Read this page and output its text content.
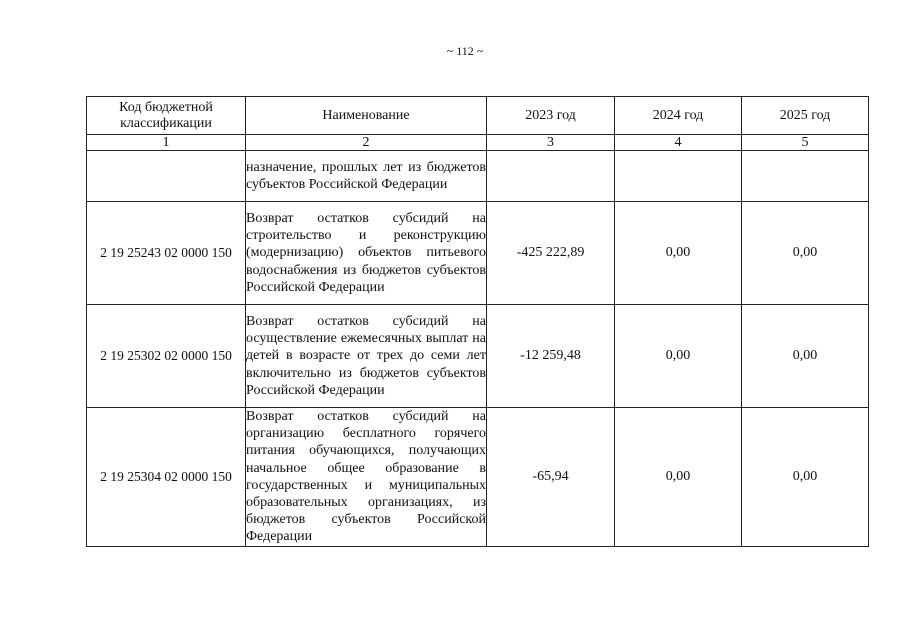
~ 112 ~
Код бюджетной классификации	Наименование	2023 год	2024 год	2025 год
1	2	3	4	5
	назначение, прошлых лет из бюджетов субъектов Российской Федерации			
2 19 25243 02 0000 150	Возврат остатков субсидий на строительство и реконструкцию (модернизацию) объектов питьевого водоснабжения из бюджетов субъектов Российской Федерации	-425 222,89	0,00	0,00
2 19 25302 02 0000 150	Возврат остатков субсидий на осуществление ежемесячных выплат на детей в возрасте от трех до семи лет включительно из бюджетов субъектов Российской Федерации	-12 259,48	0,00	0,00
2 19 25304 02 0000 150	Возврат остатков субсидий на организацию бесплатного горячего питания обучающихся, получающих начальное общее образование в государственных и муниципальных образовательных организациях, из бюджетов субъектов Российской Федерации	-65,94	0,00	0,00
